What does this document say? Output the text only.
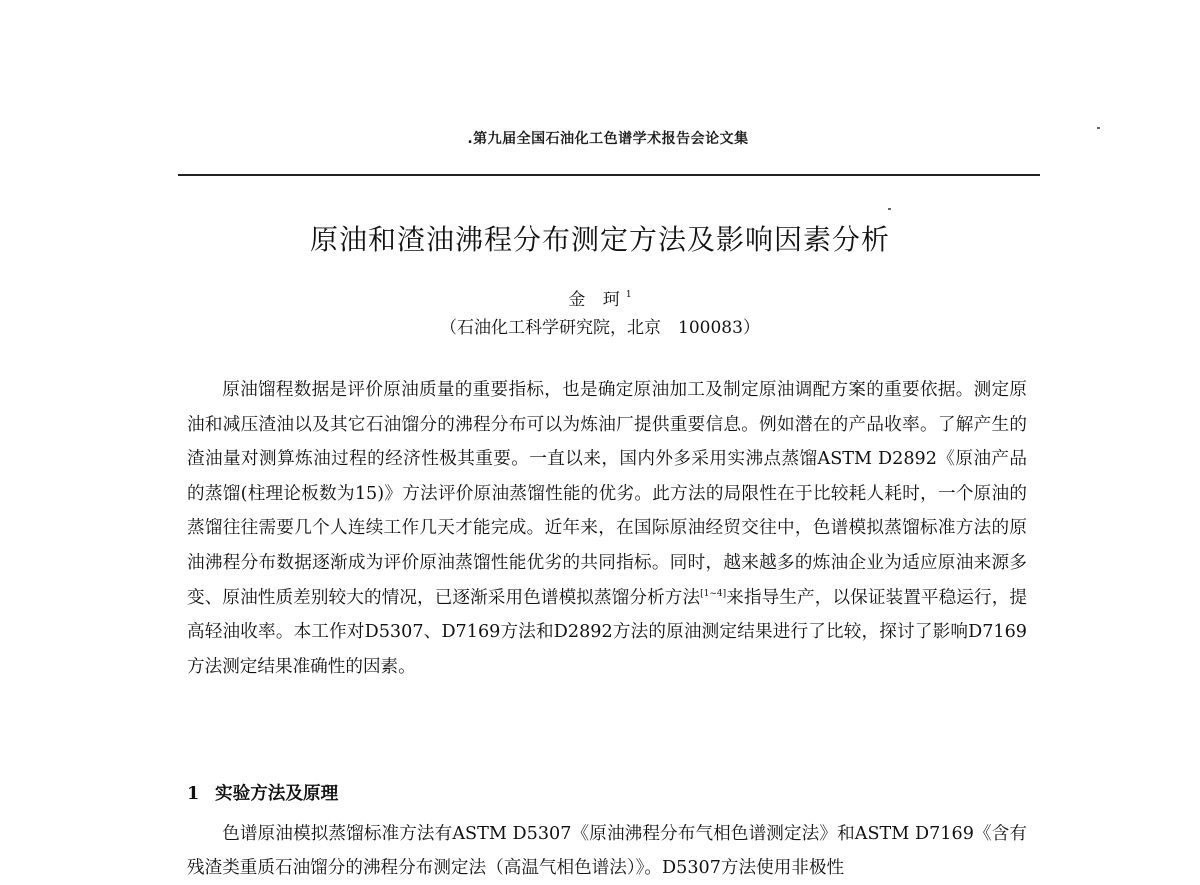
.第九届全国石油化工色谱学术报告会论文集
原油和渣油沸程分布测定方法及影响因素分析
金 珂$^1$
（石油化工科学研究院，北京　100083）

原油馏程数据是评价原油质量的重要指标，也是确定原油加工及制定原油调配方案的重要依据。测定原油和减压渣油以及其它石油馏分的沸程分布可以为炼油厂提供重要信息。例如潜在的产品收率。了解产生的渣油量对测算炼油过程的经济性极其重要。一直以来，国内外多采用实沸点蒸馏ASTM D2892《原油产品的蒸馏(柱理论板数为15)》方法评价原油蒸馏性能的优劣。此方法的局限性在于比较耗人耗时，一个原油的蒸馏往往需要几个人连续工作几天才能完成。近年来，在国际原油经贸交往中，色谱模拟蒸馏标准方法的原油沸程分布数据逐渐成为评价原油蒸馏性能优劣的共同指标。同时，越来越多的炼油企业为适应原油来源多变、原油性质差别较大的情况，已逐渐采用色谱模拟蒸馏分析方法[1~4]来指导生产，以保证装置平稳运行，提高轻油收率。本工作对D5307、D7169方法和D2892方法的原油测定结果进行了比较，探讨了影响D7169方法测定结果准确性的因素。

1 实验方法及原理

色谱原油模拟蒸馏标准方法有ASTM D5307《原油沸程分布气相色谱测定法》和ASTM D7169《含有残渣类重质石油馏分的沸程分布测定法（高温气相色谱法）》。D5307方法使用非极性
